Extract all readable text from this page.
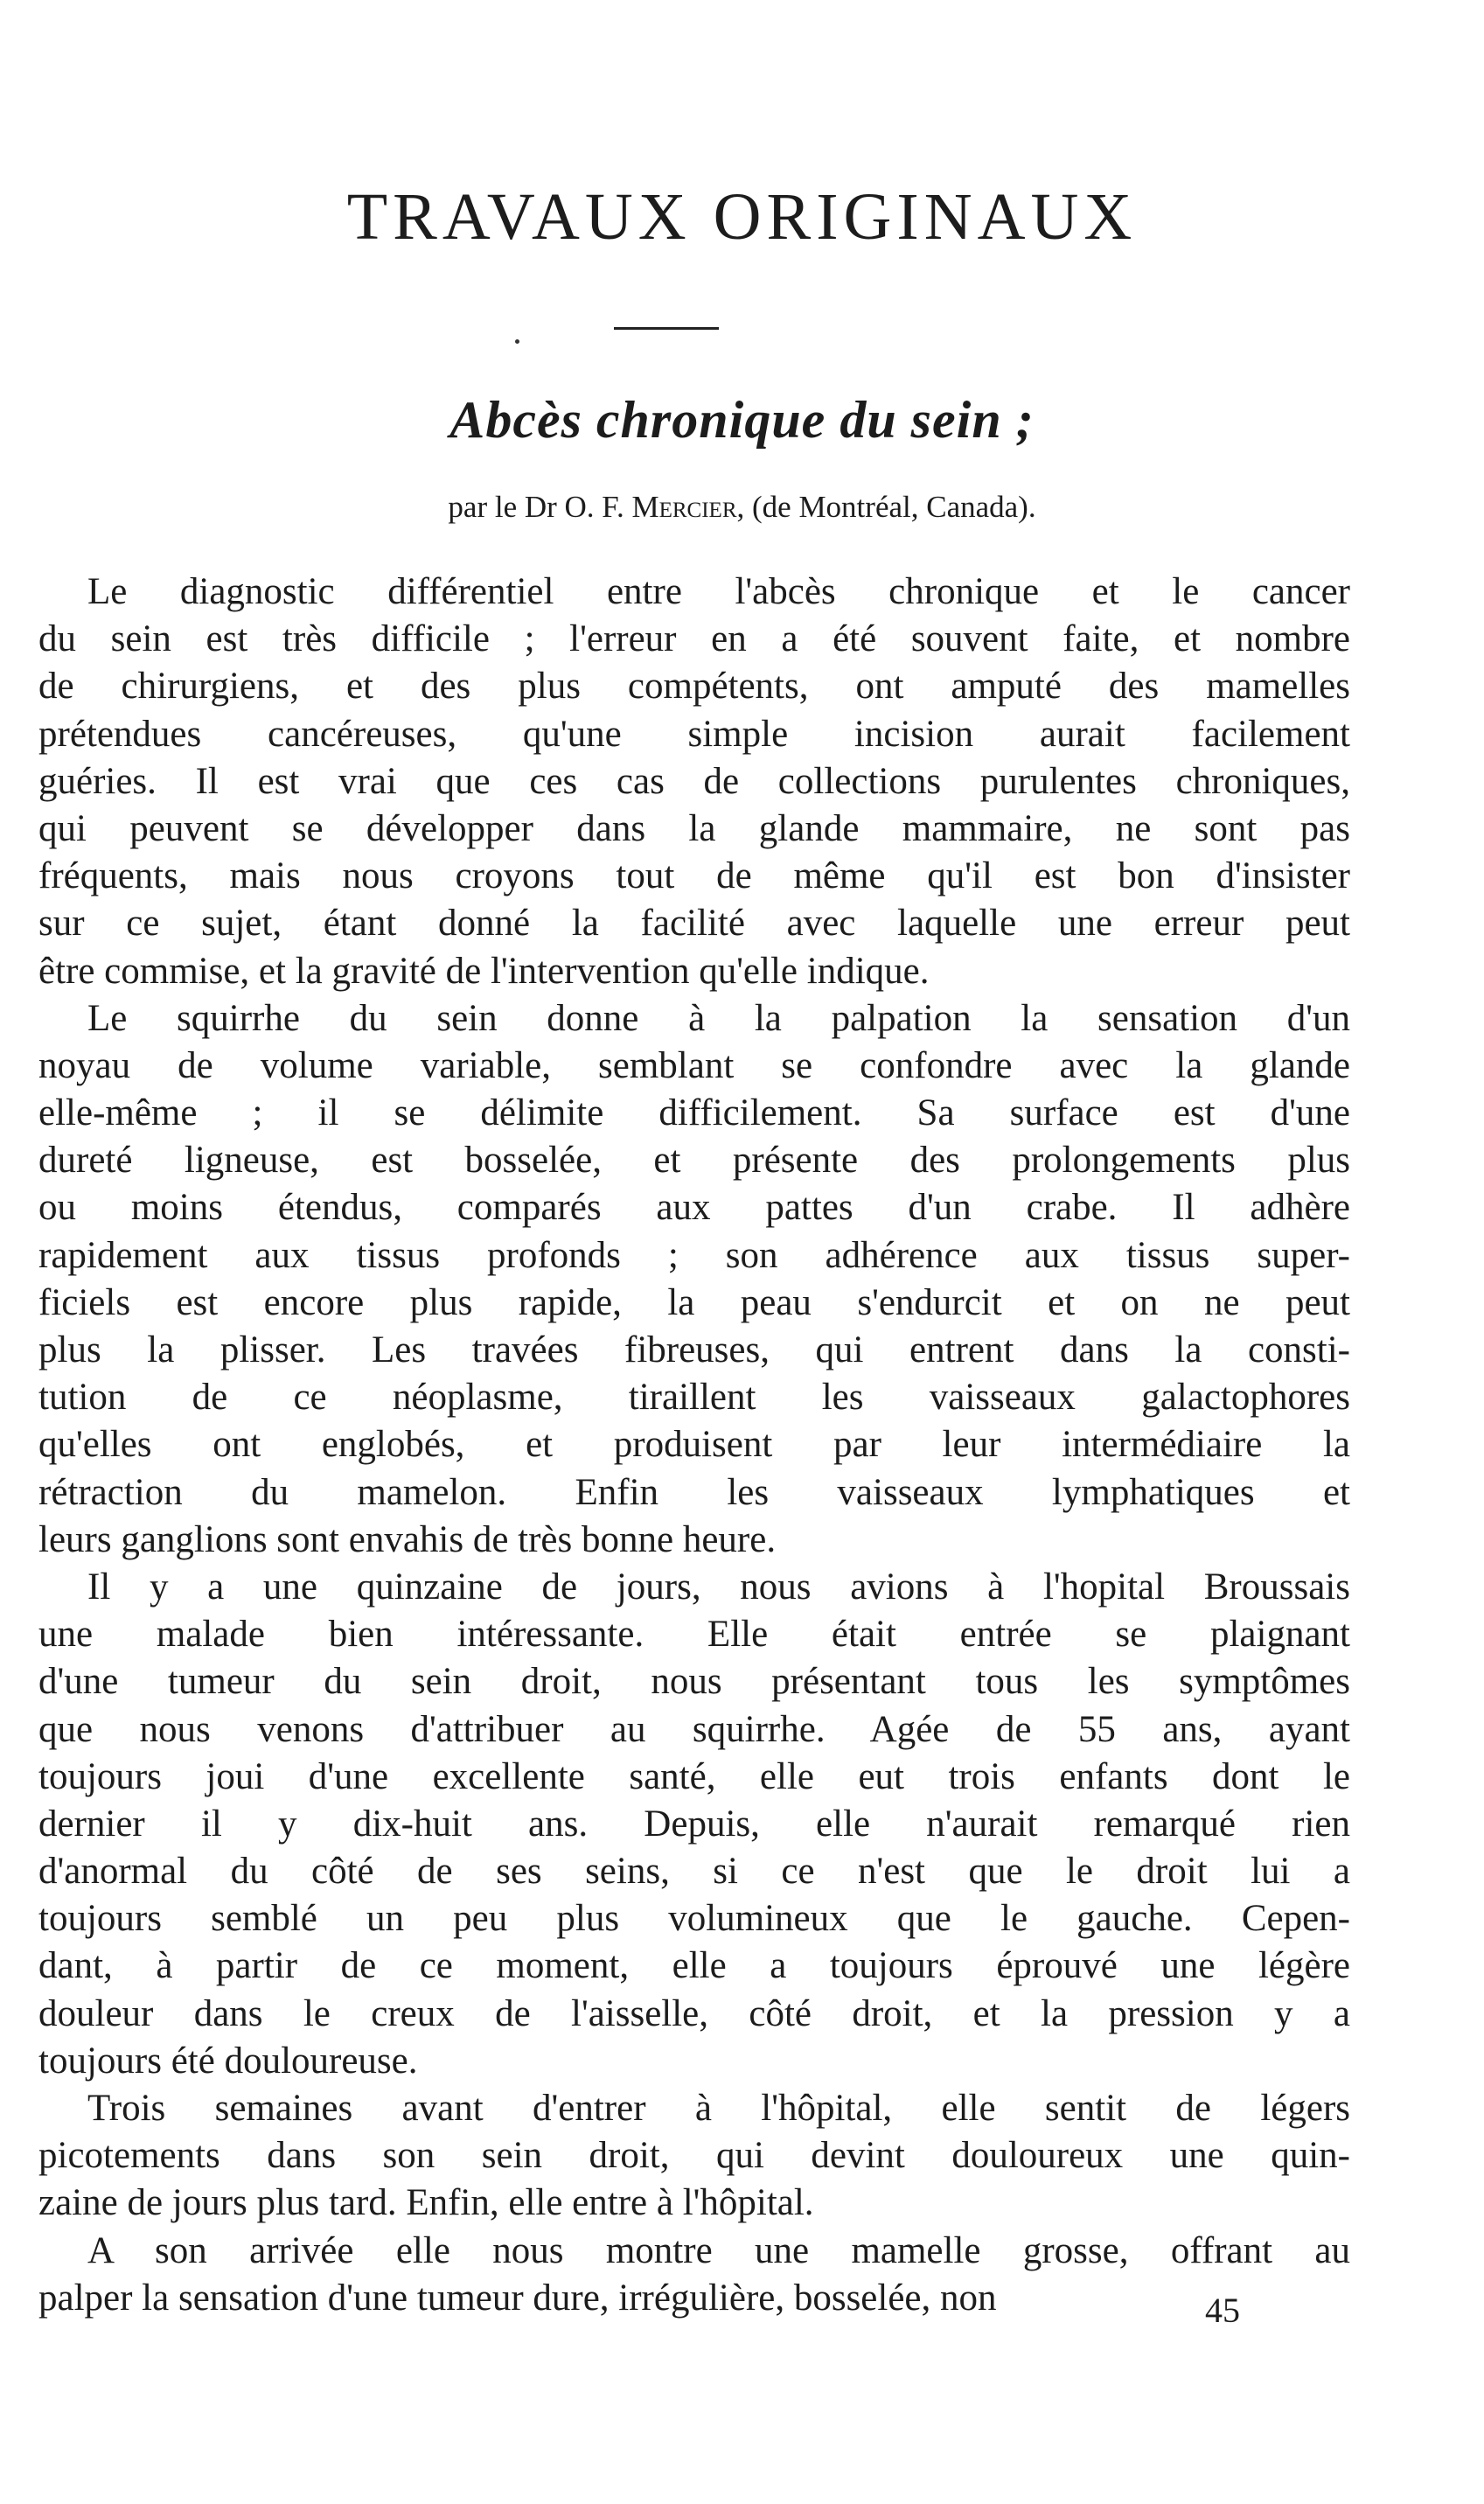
TRAVAUX ORIGINAUX
Abcès chronique du sein ;
par le Dr O. F. Mercier, (de Montréal, Canada).
Le diagnostic différentiel entre l'abcès chronique et le cancer
du sein est très difficile ; l'erreur en a été souvent faite, et nombre
de chirurgiens, et des plus compétents, ont amputé des mamelles
prétendues cancéreuses, qu'une simple incision aurait facilement
guéries. Il est vrai que ces cas de collections purulentes chroniques,
qui peuvent se développer dans la glande mammaire, ne sont pas
fréquents, mais nous croyons tout de même qu'il est bon d'insister
sur ce sujet, étant donné la facilité avec laquelle une erreur peut
être commise, et la gravité de l'intervention qu'elle indique.
Le squirrhe du sein donne à la palpation la sensation d'un
noyau de volume variable, semblant se confondre avec la glande
elle-même ; il se délimite difficilement. Sa surface est d'une
dureté ligneuse, est bosselée, et présente des prolongements plus
ou moins étendus, comparés aux pattes d'un crabe. Il adhère
rapidement aux tissus profonds ; son adhérence aux tissus super-
ficiels est encore plus rapide, la peau s'endurcit et on ne peut
plus la plisser. Les travées fibreuses, qui entrent dans la consti-
tution de ce néoplasme, tiraillent les vaisseaux galactophores
qu'elles ont englobés, et produisent par leur intermédiaire la
rétraction du mamelon. Enfin les vaisseaux lymphatiques et
leurs ganglions sont envahis de très bonne heure.
Il y a une quinzaine de jours, nous avions à l'hopital Broussais
une malade bien intéressante. Elle était entrée se plaignant
d'une tumeur du sein droit, nous présentant tous les symptômes
que nous venons d'attribuer au squirrhe. Agée de 55 ans, ayant
toujours joui d'une excellente santé, elle eut trois enfants dont le
dernier il y dix-huit ans. Depuis, elle n'aurait remarqué rien
d'anormal du côté de ses seins, si ce n'est que le droit lui a
toujours semblé un peu plus volumineux que le gauche. Cepen-
dant, à partir de ce moment, elle a toujours éprouvé une légère
douleur dans le creux de l'aisselle, côté droit, et la pression y a
toujours été douloureuse.
Trois semaines avant d'entrer à l'hôpital, elle sentit de légers
picotements dans son sein droit, qui devint douloureux une quin-
zaine de jours plus tard. Enfin, elle entre à l'hôpital.
A son arrivée elle nous montre une mamelle grosse, offrant au
palper la sensation d'une tumeur dure, irrégulière, bosselée, non	45
